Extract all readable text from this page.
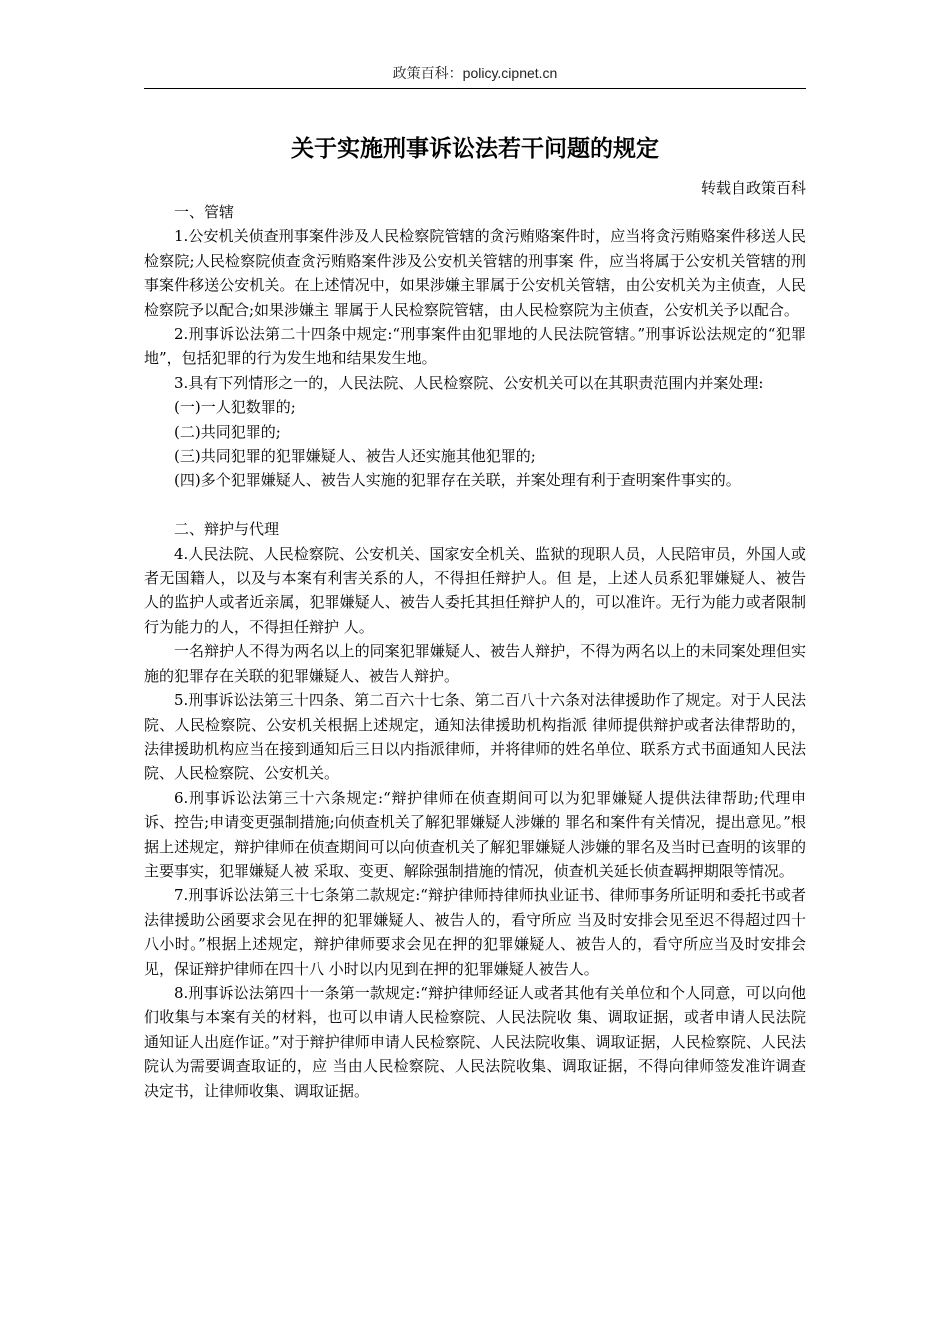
政策百科：policy.cipnet.cn
关于实施刑事诉讼法若干问题的规定
转载自政策百科

一、管辖

1.公安机关侦查刑事案件涉及人民检察院管辖的贪污贿赂案件时，应当将贪污贿赂案件移送人民检察院;人民检察院侦查贪污贿赂案件涉及公安机关管辖的刑事案 件，应当将属于公安机关管辖的刑事案件移送公安机关。在上述情况中，如果涉嫌主罪属于公安机关管辖，由公安机关为主侦查，人民检察院予以配合;如果涉嫌主 罪属于人民检察院管辖，由人民检察院为主侦查，公安机关予以配合。

2.刑事诉讼法第二十四条中规定:“刑事案件由犯罪地的人民法院管辖。”刑事诉讼法规定的“犯罪地”，包括犯罪的行为发生地和结果发生地。

3.具有下列情形之一的，人民法院、人民检察院、公安机关可以在其职责范围内并案处理:

(一)一人犯数罪的;

(二)共同犯罪的;

(三)共同犯罪的犯罪嫌疑人、被告人还实施其他犯罪的;

(四)多个犯罪嫌疑人、被告人实施的犯罪存在关联，并案处理有利于查明案件事实的。

二、辩护与代理

4.人民法院、人民检察院、公安机关、国家安全机关、监狱的现职人员，人民陪审员，外国人或者无国籍人，以及与本案有利害关系的人，不得担任辩护人。但 是，上述人员系犯罪嫌疑人、被告人的监护人或者近亲属，犯罪嫌疑人、被告人委托其担任辩护人的，可以准许。无行为能力或者限制行为能力的人，不得担任辩护 人。

一名辩护人不得为两名以上的同案犯罪嫌疑人、被告人辩护，不得为两名以上的未同案处理但实施的犯罪存在关联的犯罪嫌疑人、被告人辩护。

5.刑事诉讼法第三十四条、第二百六十七条、第二百八十六条对法律援助作了规定。对于人民法院、人民检察院、公安机关根据上述规定，通知法律援助机构指派 律师提供辩护或者法律帮助的，法律援助机构应当在接到通知后三日以内指派律师，并将律师的姓名单位、联系方式书面通知人民法院、人民检察院、公安机关。

6.刑事诉讼法第三十六条规定:“辩护律师在侦查期间可以为犯罪嫌疑人提供法律帮助;代理申诉、控告;申请变更强制措施;向侦查机关了解犯罪嫌疑人涉嫌的 罪名和案件有关情况，提出意见。”根据上述规定，辩护律师在侦查期间可以向侦查机关了解犯罪嫌疑人涉嫌的罪名及当时已查明的该罪的主要事实，犯罪嫌疑人被 采取、变更、解除强制措施的情况，侦查机关延长侦查羁押期限等情况。

7.刑事诉讼法第三十七条第二款规定:“辩护律师持律师执业证书、律师事务所证明和委托书或者法律援助公函要求会见在押的犯罪嫌疑人、被告人的，看守所应 当及时安排会见至迟不得超过四十八小时。”根据上述规定，辩护律师要求会见在押的犯罪嫌疑人、被告人的，看守所应当及时安排会见，保证辩护律师在四十八 小时以内见到在押的犯罪嫌疑人被告人。

8.刑事诉讼法第四十一条第一款规定:“辩护律师经证人或者其他有关单位和个人同意，可以向他们收集与本案有关的材料，也可以申请人民检察院、人民法院收 集、调取证据，或者申请人民法院通知证人出庭作证。”对于辩护律师申请人民检察院、人民法院收集、调取证据，人民检察院、人民法院认为需要调查取证的，应 当由人民检察院、人民法院收集、调取证据，不得向律师签发准许调查决定书，让律师收集、调取证据。
